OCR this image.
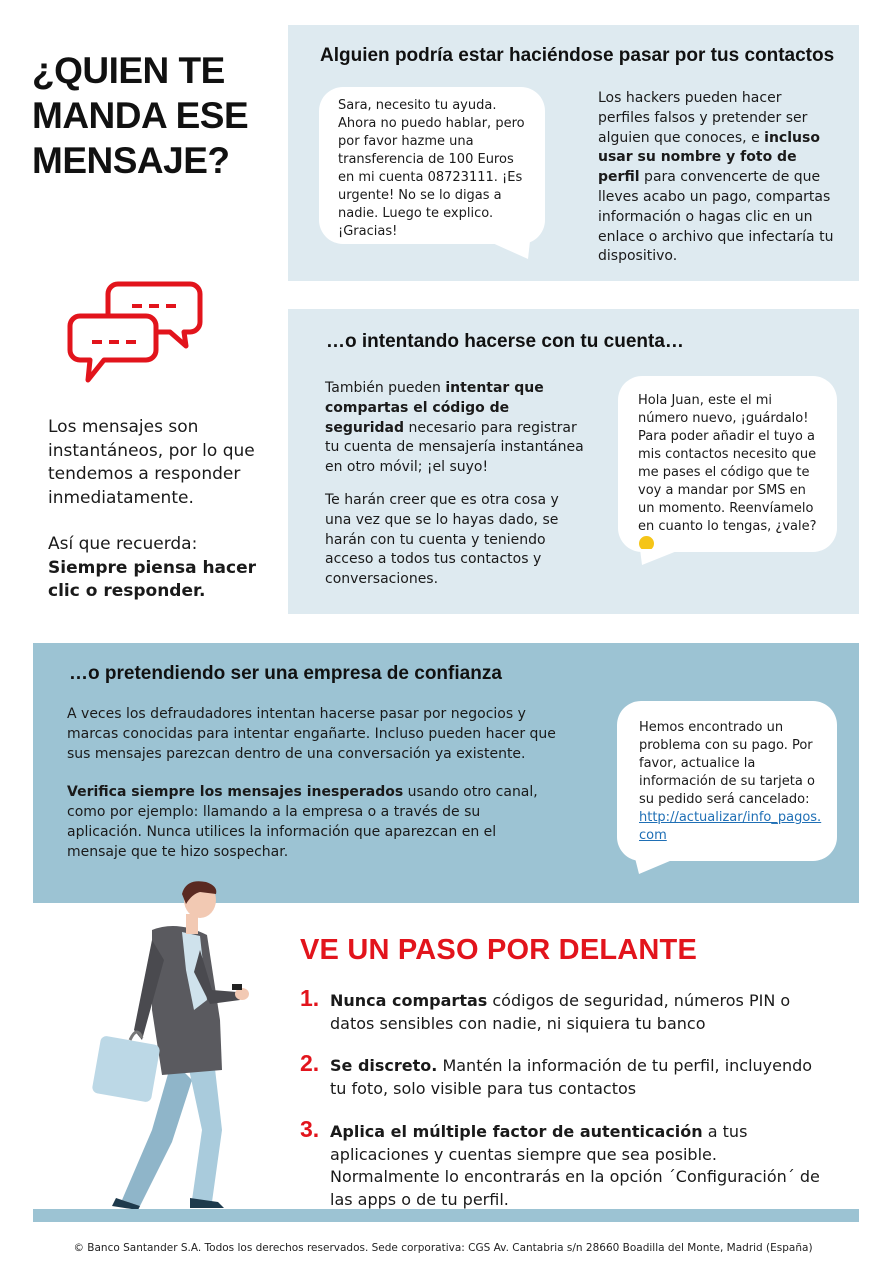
¿QUIEN TE MANDA ESE MENSAJE?
Alguien podría estar haciéndose pasar por tus contactos
Sara, necesito tu ayuda. Ahora no puedo hablar, pero por favor hazme una transferencia de 100 Euros en mi cuenta 08723111. ¡Es urgente! No se lo digas a nadie. Luego te explico. ¡Gracias!
Los hackers pueden hacer perfiles falsos y pretender ser alguien que conoces, e incluso usar su nombre y foto de perfil para convencerte de que lleves acabo un pago, compartas información o hagas clic en un enlace o archivo que infectaría tu dispositivo.

Los mensajes son instantáneos, por lo que tendemos a responder inmediatamente.

Así que recuerda:
Siempre piensa hacer clic o responder.

…o intentando hacerse con tu cuenta…

También pueden intentar que compartas el código de seguridad necesario para registrar tu cuenta de mensajería instantánea en otro móvil; ¡el suyo!

Te harán creer que es otra cosa y una vez que se lo hayas dado, se harán con tu cuenta y teniendo acceso a todos tus contactos y conversaciones.

Hola Juan, este el mi número nuevo, ¡guárdalo! Para poder añadir el tuyo a mis contactos necesito que me pases el código que te voy a mandar por SMS en un momento. Reenvíamelo en cuanto lo tengas, ¿vale?
…o pretendiendo ser una empresa de confianza

A veces los defraudadores intentan hacerse pasar por negocios y marcas conocidas para intentar engañarte. Incluso pueden hacer que sus mensajes parezcan dentro de una conversación ya existente.

Verifica siempre los mensajes inesperados usando otro canal, como por ejemplo: llamando a la empresa o a través de su aplicación. Nunca utilices la información que aparezcan en el mensaje que te hizo sospechar.

Hemos encontrado un problema con su pago. Por favor, actualice la información de su tarjeta o su pedido será cancelado:
http://actualizar/info_pagos.com
VE UN PASO POR DELANTE
1. Nunca compartas códigos de seguridad, números PIN o datos sensibles con nadie, ni siquiera tu banco
2. Se discreto. Mantén la información de tu perfil, incluyendo tu foto, solo visible para tus contactos
3. Aplica el múltiple factor de autenticación a tus aplicaciones y cuentas siempre que sea posible. Normalmente lo encontrarás en la opción ´Configuración´ de las apps o de tu perfil.
© Banco Santander S.A. Todos los derechos reservados. Sede corporativa: CGS Av. Cantabria s/n 28660 Boadilla del Monte, Madrid (España)
